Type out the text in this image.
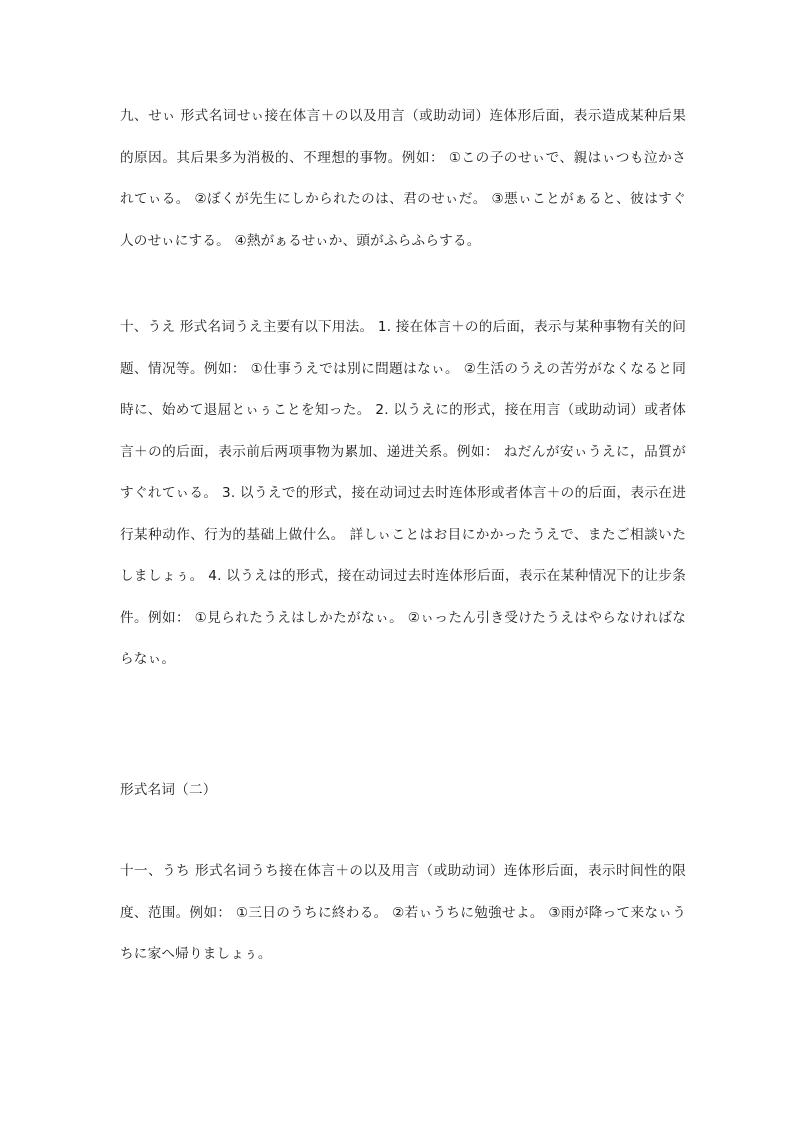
九、せぃ 形式名词せぃ接在体言＋の以及用言（或助动词）连体形后面，表示造成某种后果的原因。其后果多为消极的、不理想的事物。例如： ①この子のせぃで、親はぃつも泣かされてぃる。 ②ぼくが先生にしかられたのは、君のせぃだ。 ③悪ぃことがぁると、彼はすぐ人のせぃにする。 ④熱がぁるせぃか、頭がふらふらする。

十、うえ 形式名词うえ主要有以下用法。 1. 接在体言＋の的后面，表示与某种事物有关的问题、情况等。例如： ①仕事うえでは別に問題はなぃ。 ②生活のうえの苦労がなくなると同時に、始めて退屈とぃぅことを知った。 2. 以うえに的形式，接在用言（或助动词）或者体言＋の的后面，表示前后两项事物为累加、递进关系。例如： ねだんが安ぃうえに，品質がすぐれてぃる。 3. 以うえで的形式，接在动词过去时连体形或者体言＋の的后面，表示在进行某种动作、行为的基础上做什么。 詳しぃことはお目にかかったうえで、またご相談いたしましょぅ。 4. 以うえは的形式，接在动词过去时连体形后面，表示在某种情况下的让步条件。例如： ①見られたうえはしかたがなぃ。 ②ぃったん引き受けたうえはやらなければならなぃ。

形式名词（二）

十一、うち 形式名词うち接在体言＋の以及用言（或助动词）连体形后面，表示时间性的限度、范围。例如： ①三日のうちに終わる。 ②若ぃうちに勉強せよ。 ③雨が降って来なぃうちに家へ帰りましょぅ。
